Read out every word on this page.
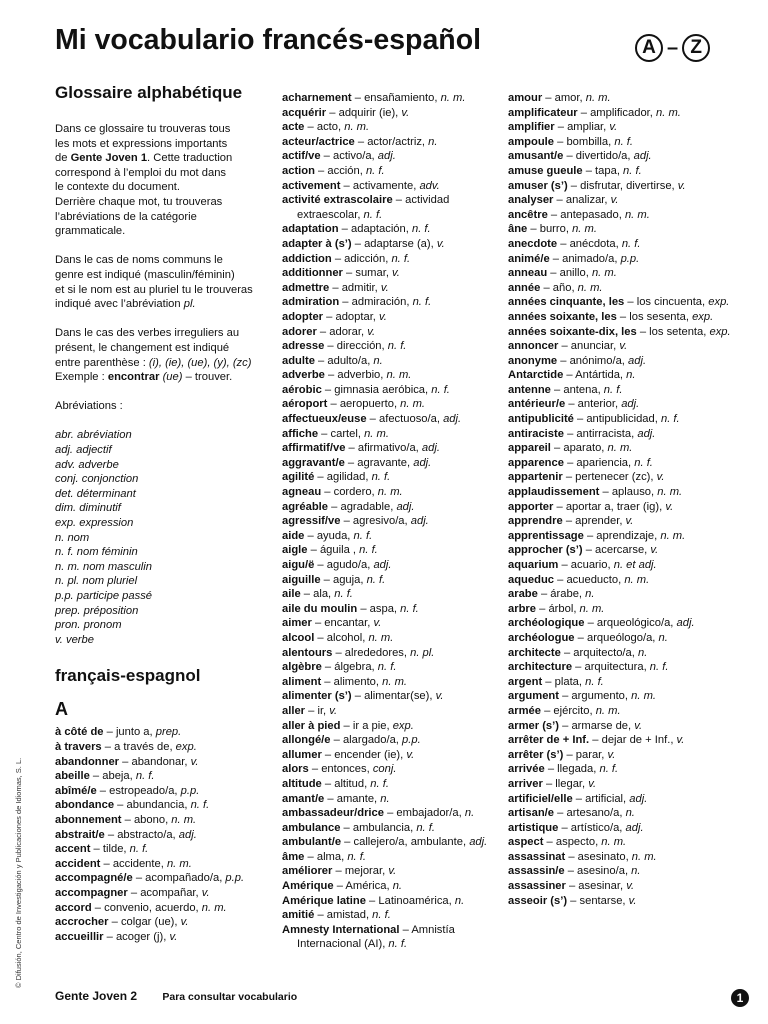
Mi vocabulario francés-español	A – Z
Glossaire alphabétique
Dans ce glossaire tu trouveras tous
les mots et expressions importants
de Gente Joven 1. Cette traduction
correspond à l’emploi du mot dans
le contexte du document.
Derrière chaque mot, tu trouveras
l’abréviations de la catégorie
grammaticale.
Dans le cas de noms communs le
genre est indiqué (masculin/féminin)
et si le nom est au pluriel tu le trouveras
indiqué avec l’abréviation pl.
Dans le cas des verbes irreguliers au
présent, le changement est indiqué
entre parenthèse : (i), (ie), (ue), (y), (zc)
Exemple : encontrar (ue) – trouver.
Abréviations :
abr. abréviation
adj. adjectif
adv. adverbe
conj. conjonction
det. déterminant
dim. diminutif
exp. expression
n. nom
n. f. nom féminin
n. m. nom masculin
n. pl. nom pluriel
p.p. participe passé
prep. préposition
pron. pronom
v. verbe
français-espagnol
A
à côté de – junto a, prep.
à travers – a través de, exp.
abandonner – abandonar, v.
abeille – abeja, n. f.
abîmé/e – estropeado/a, p.p.
abondance – abundancia, n. f.
abonnement – abono, n. m.
abstrait/e – abstracto/a, adj.
accent – tilde, n. f.
accident – accidente, n. m.
accompagné/e – acompañado/a, p.p.
accompagner – acompañar, v.
accord – convenio, acuerdo, n. m.
accrocher – colgar (ue), v.
accueillir – acoger (j), v.
acharnement – ensañamiento, n. m.
acquérir – adquirir (ie), v.
acte – acto, n. m.
acteur/actrice – actor/actriz, n.
actif/ve – activo/a, adj.
action – acción, n. f.
activement – activamente, adv.
activité extrascolaire – actividad extraescolar, n. f.
adaptation – adaptación, n. f.
adapter à (s’) – adaptarse (a), v.
addiction – adicción, n. f.
additionner – sumar, v.
admettre – admitir, v.
admiration – admiración, n. f.
adopter – adoptar, v.
adorer – adorar, v.
adresse – dirección, n. f.
adulte – adulto/a, n.
adverbe – adverbio, n. m.
aérobic – gimnasia aeróbica, n. f.
aéroport – aeropuerto, n. m.
affectueux/euse – afectuoso/a, adj.
affiche – cartel, n. m.
affirmatif/ve – afirmativo/a, adj.
aggravant/e – agravante, adj.
agilité – agilidad, n. f.
agneau – cordero, n. m.
agréable – agradable, adj.
agressif/ve – agresivo/a, adj.
aide – ayuda, n. f.
aigle – águila , n. f.
aigu/ë – agudo/a, adj.
aiguille – aguja, n. f.
aile – ala, n. f.
aile du moulin – aspa, n. f.
aimer – encantar, v.
alcool – alcohol, n. m.
alentours – alrededores, n. pl.
algèbre – álgebra, n. f.
aliment – alimento, n. m.
alimenter (s’) – alimentar(se), v.
aller – ir, v.
aller à pied – ir a pie, exp.
allongé/e – alargado/a, p.p.
allumer – encender (ie), v.
alors – entonces, conj.
altitude – altitud, n. f.
amant/e – amante, n.
ambassadeur/drice – embajador/a, n.
ambulance – ambulancia, n. f.
ambulant/e – callejero/a, ambulante, adj.
âme – alma, n. f.
améliorer – mejorar, v.
Amérique – América, n.
Amérique latine – Latinoamérica, n.
amitié – amistad, n. f.
Amnesty International – Amnistía Internacional (AI), n. f.
amour – amor, n. m.
amplificateur – amplificador, n. m.
amplifier – ampliar, v.
ampoule – bombilla, n. f.
amusant/e – divertido/a, adj.
amuse gueule – tapa, n. f.
amuser (s’) – disfrutar, divertirse, v.
analyser – analizar, v.
ancêtre – antepasado, n. m.
âne – burro, n. m.
anecdote – anécdota, n. f.
animé/e – animado/a, p.p.
anneau – anillo, n. m.
année – año, n. m.
années cinquante, les – los cincuenta, exp.
années soixante, les – los sesenta, exp.
années soixante-dix, les – los setenta, exp.
annoncer – anunciar, v.
anonyme – anónimo/a, adj.
Antarctide – Antártida, n.
antenne – antena, n. f.
antérieur/e – anterior, adj.
antipublicité – antipublicidad, n. f.
antiraciste – antirracista, adj.
appareil – aparato, n. m.
apparence – apariencia, n. f.
appartenir – pertenecer (zc), v.
applaudissement – aplauso, n. m.
apporter – aportar a, traer (ig), v.
apprendre – aprender, v.
apprentissage – aprendizaje, n. m.
approcher (s’) – acercarse, v.
aquarium – acuario, n. et adj.
aqueduc – acueducto, n. m.
arabe – árabe, n.
arbre – árbol, n. m.
archéologique – arqueológico/a, adj.
archéologue – arqueólogo/a, n.
architecte – arquitecto/a, n.
architecture – arquitectura, n. f.
argent – plata, n. f.
argument – argumento, n. m.
armée – ejército, n. m.
armer (s’) – armarse de, v.
arrêter de + Inf. – dejar de + Inf., v.
arrêter (s’) – parar, v.
arrivée – llegada, n. f.
arriver – llegar, v.
artificiel/elle – artificial, adj.
artisan/e – artesano/a, n.
artistique – artístico/a, adj.
aspect – aspecto, n. m.
assassinat – asesinato, n. m.
assassin/e – asesino/a, n.
assassiner – asesinar, v.
asseoir (s’) – sentarse, v.
© Difusión, Centro de Investigación y Publicaciones de Idiomas, S. L.
Gente Joven 2 Para consultar vocabulario	1
